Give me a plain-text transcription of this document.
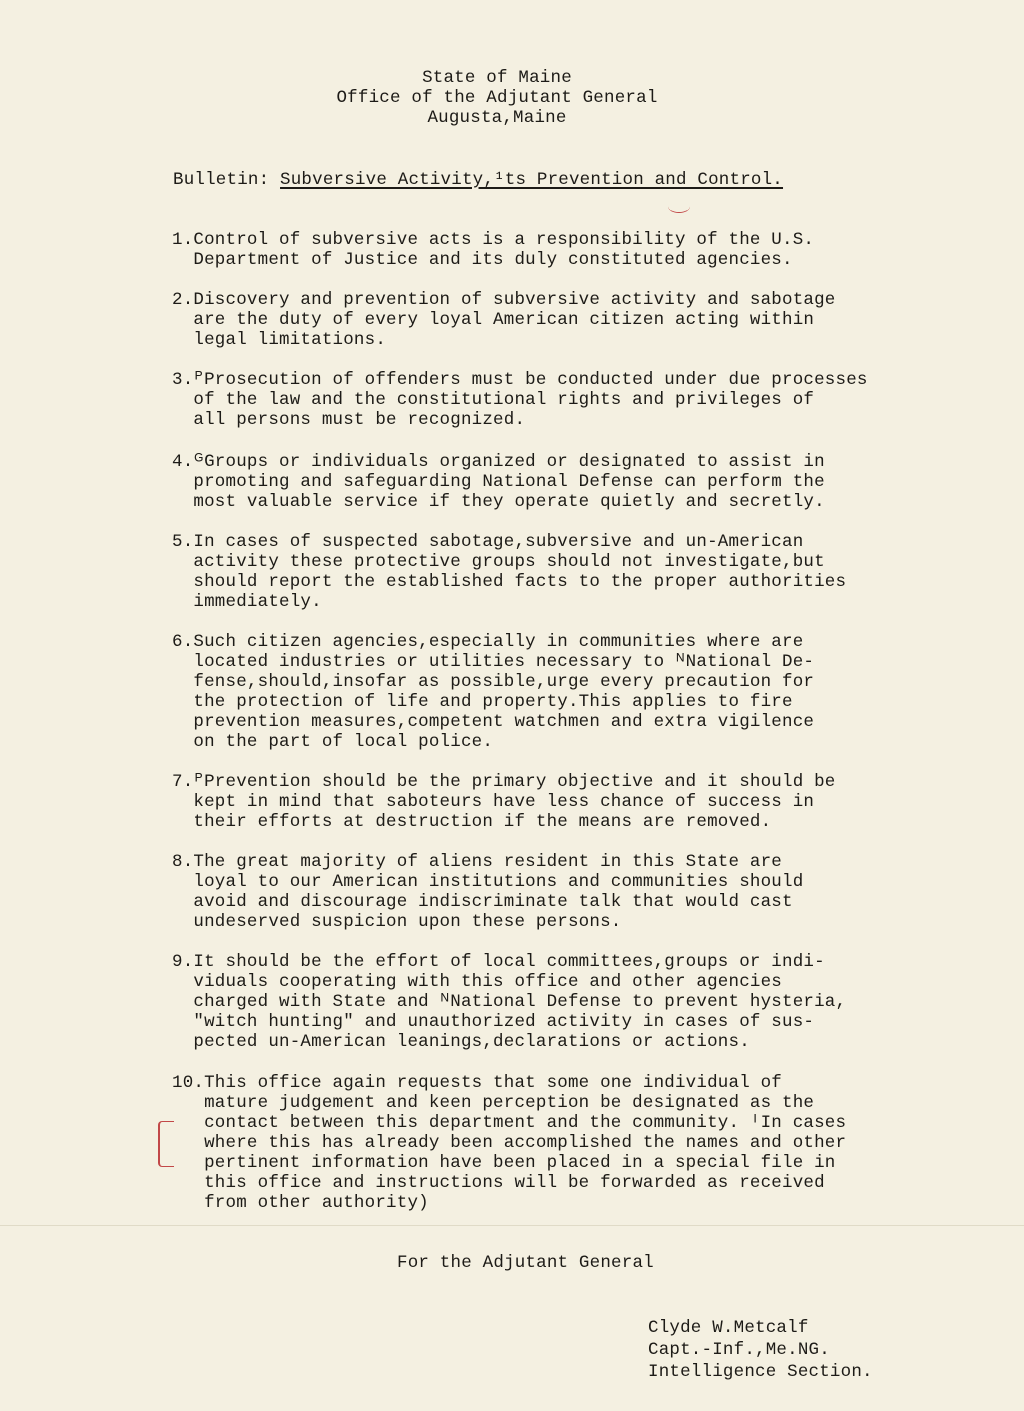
State of Maine
Office of the Adjutant General
Augusta,Maine
Bulletin: Subversive Activity,¹ts Prevention and Control.
1. Control of subversive acts is a responsibility of the U.S.
Department of Justice and its duly constituted agencies.
2. Discovery and prevention of subversive activity and sabotage
are the duty of every loyal American citizen acting within
legal limitations.
3. ᴾProsecution of offenders must be conducted under due processes
of the law and the constitutional rights and privileges of
all persons must be recognized.
4. ᴳGroups or individuals organized or designated to assist in
promoting and safeguarding National Defense can perform the
most valuable service if they operate quietly and secretly.
5. In cases of suspected sabotage,subversive and un-American
activity these protective groups should not investigate,but
should report the established facts to the proper authorities
immediately.
6. Such citizen agencies,especially in communities where are
located industries or utilities necessary to ᴺNational De-
fense,should,insofar as possible,urge every precaution for
the protection of life and property.This applies to fire
prevention measures,competent watchmen and extra vigilence
on the part of local police.
7. ᴾPrevention should be the primary objective and it should be
kept in mind that saboteurs have less chance of success in
their efforts at destruction if the means are removed.
8. The great majority of aliens resident in this State are
loyal to our American institutions and communities should
avoid and discourage indiscriminate talk that would cast
undeserved suspicion upon these persons.
9. It should be the effort of local committees,groups or indi-
viduals cooperating with this office and other agencies
charged with State and ᴺNational Defense to prevent hysteria,
"witch hunting" and unauthorized activity in cases of sus-
pected un-American leanings,declarations or actions.
10. This office again requests that some one individual of
mature judgement and keen perception be designated as the
contact between this department and the community. ᴵIn cases
where this has already been accomplished the names and other
pertinent information have been placed in a special file in
this office and instructions will be forwarded as received
from other authority)
For the Adjutant General
Clyde W.Metcalf
Capt.-Inf.,Me.NG.
Intelligence Section.
